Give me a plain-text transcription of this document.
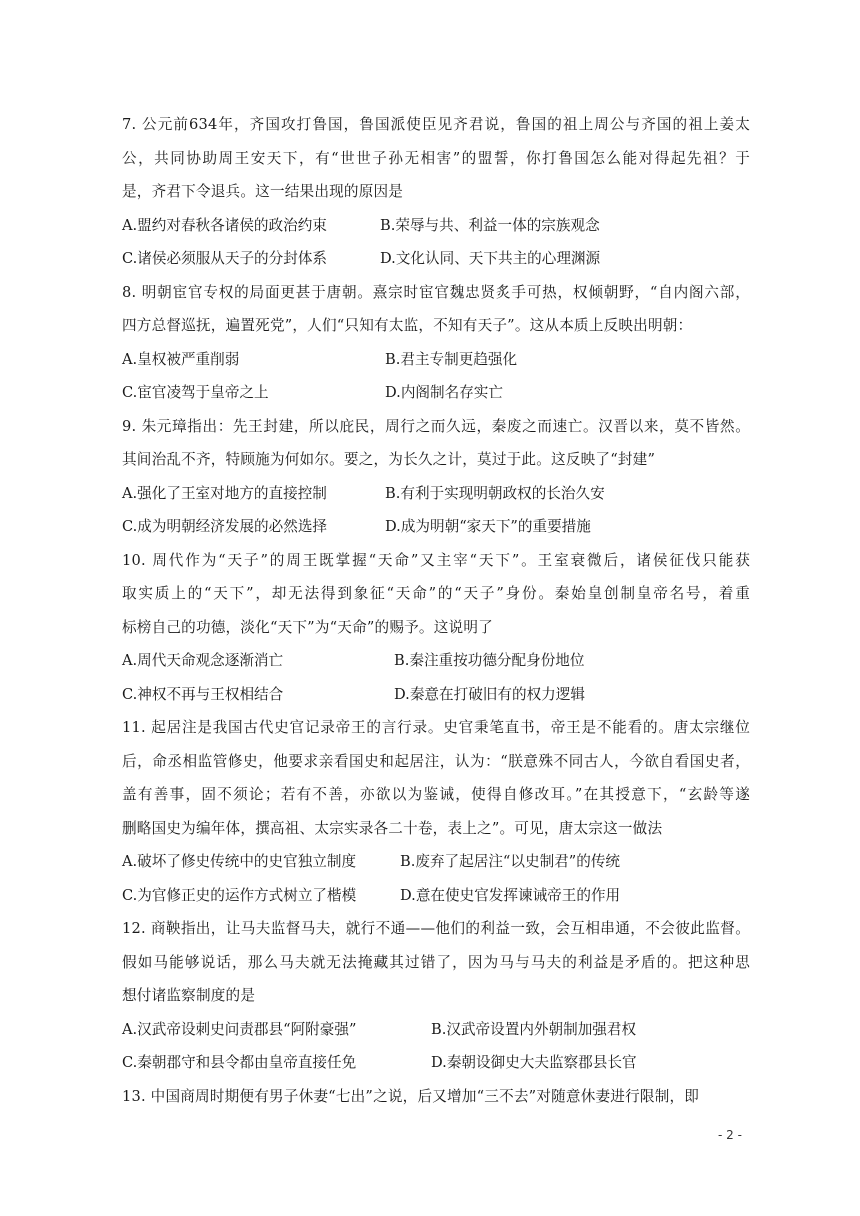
7. 公元前634年，齐国攻打鲁国，鲁国派使臣见齐君说，鲁国的祖上周公与齐国的祖上姜太
公，共同协助周王安天下，有“世世子孙无相害”的盟誓，你打鲁国怎么能对得起先祖？于
是，齐君下令退兵。这一结果出现的原因是
A.盟约对春秋各诸侯的政治约束	B.荣辱与共、利益一体的宗族观念
C.诸侯必须服从天子的分封体系	D.文化认同、天下共主的心理渊源
8. 明朝宦官专权的局面更甚于唐朝。熹宗时宦官魏忠贤炙手可热，权倾朝野，“自内阁六部，
四方总督巡抚，遍置死党”，人们“只知有太监，不知有天子”。这从本质上反映出明朝：
A.皇权被严重削弱	B.君主专制更趋强化
C.宦官凌驾于皇帝之上	D.内阁制名存实亡
9. 朱元璋指出：先王封建，所以庇民，周行之而久远，秦废之而速亡。汉晋以来，莫不皆然。
其间治乱不齐，特顾施为何如尔。要之，为长久之计，莫过于此。这反映了“封建”
A.强化了王室对地方的直接控制	B.有利于实现明朝政权的长治久安
C.成为明朝经济发展的必然选择	D.成为明朝“家天下”的重要措施
10. 周代作为“天子”的周王既掌握“天命”又主宰“天下”。王室衰微后，诸侯征伐只能获
取实质上的“天下”，却无法得到象征“天命”的“天子”身份。秦始皇创制皇帝名号，着重
标榜自己的功德，淡化“天下”为“天命”的赐予。这说明了
A.周代天命观念逐渐消亡	B.秦注重按功德分配身份地位
C.神权不再与王权相结合	D.秦意在打破旧有的权力逻辑
11. 起居注是我国古代史官记录帝王的言行录。史官秉笔直书，帝王是不能看的。唐太宗继位
后，命丞相监管修史，他要求亲看国史和起居注，认为：“朕意殊不同古人，今欲自看国史者，
盖有善事，固不须论；若有不善，亦欲以为鉴诫，使得自修改耳。”在其授意下，“玄龄等遂
删略国史为编年体，撰高祖、太宗实录各二十卷，表上之”。可见，唐太宗这一做法
A.破坏了修史传统中的史官独立制度	B.废弃了起居注“以史制君”的传统
C.为官修正史的运作方式树立了楷模	D.意在使史官发挥谏诫帝王的作用
12. 商鞅指出，让马夫监督马夫，就行不通——他们的利益一致，会互相串通，不会彼此监督。
假如马能够说话，那么马夫就无法掩藏其过错了，因为马与马夫的利益是矛盾的。把这种思
想付诸监察制度的是
A.汉武帝设刺史问责郡县“阿附豪强”	B.汉武帝设置内外朝制加强君权
C.秦朝郡守和县令都由皇帝直接任免	D.秦朝设御史大夫监察郡县长官
13. 中国商周时期便有男子休妻“七出”之说，后又增加“三不去”对随意休妻进行限制，即
- 2 -
